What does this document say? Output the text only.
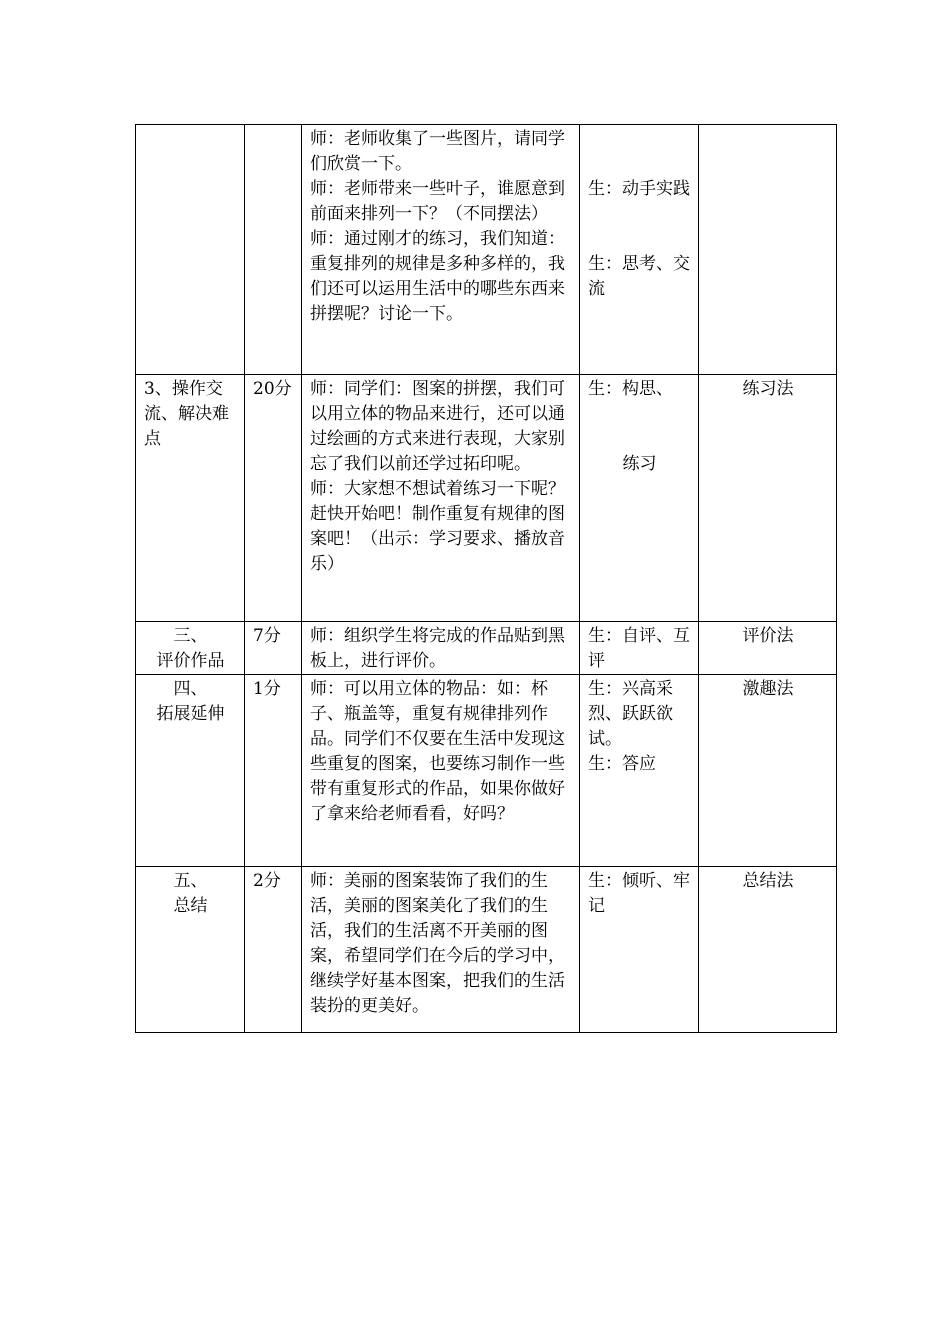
		师：老师收集了一些图片，请同学们欣赏一下。
师：老师带来一些叶子，谁愿意到前面来排列一下？（不同摆法）
师：通过刚才的练习，我们知道：重复排列的规律是多种多样的，我们还可以运用生活中的哪些东西来拼摆呢？讨论一下。	生：动手实践
生：思考、交流	

3、操作交流、解决难点	20分	师：同学们：图案的拼摆，我们可以用立体的物品来进行，还可以通过绘画的方式来进行表现，大家别忘了我们以前还学过拓印呢。
师：大家想不想试着练习一下呢？赶快开始吧！制作重复有规律的图案吧！（出示：学习要求、播放音乐）	生：构思、
练习	练习法

三、
评价作品	7分	师：组织学生将完成的作品贴到黑板上，进行评价。	生：自评、互评	评价法

四、
拓展延伸	1分	师：可以用立体的物品：如：杯子、瓶盖等，重复有规律排列作品。同学们不仅要在生活中发现这些重复的图案，也要练习制作一些带有重复形式的作品，如果你做好了拿来给老师看看，好吗？	生：兴高采烈、跃跃欲试。
生：答应	激趣法

五、
总结	2分	师：美丽的图案装饰了我们的生活，美丽的图案美化了我们的生活，我们的生活离不开美丽的图案，希望同学们在今后的学习中，继续学好基本图案，把我们的生活装扮的更美好。	生：倾听、牢记	总结法
